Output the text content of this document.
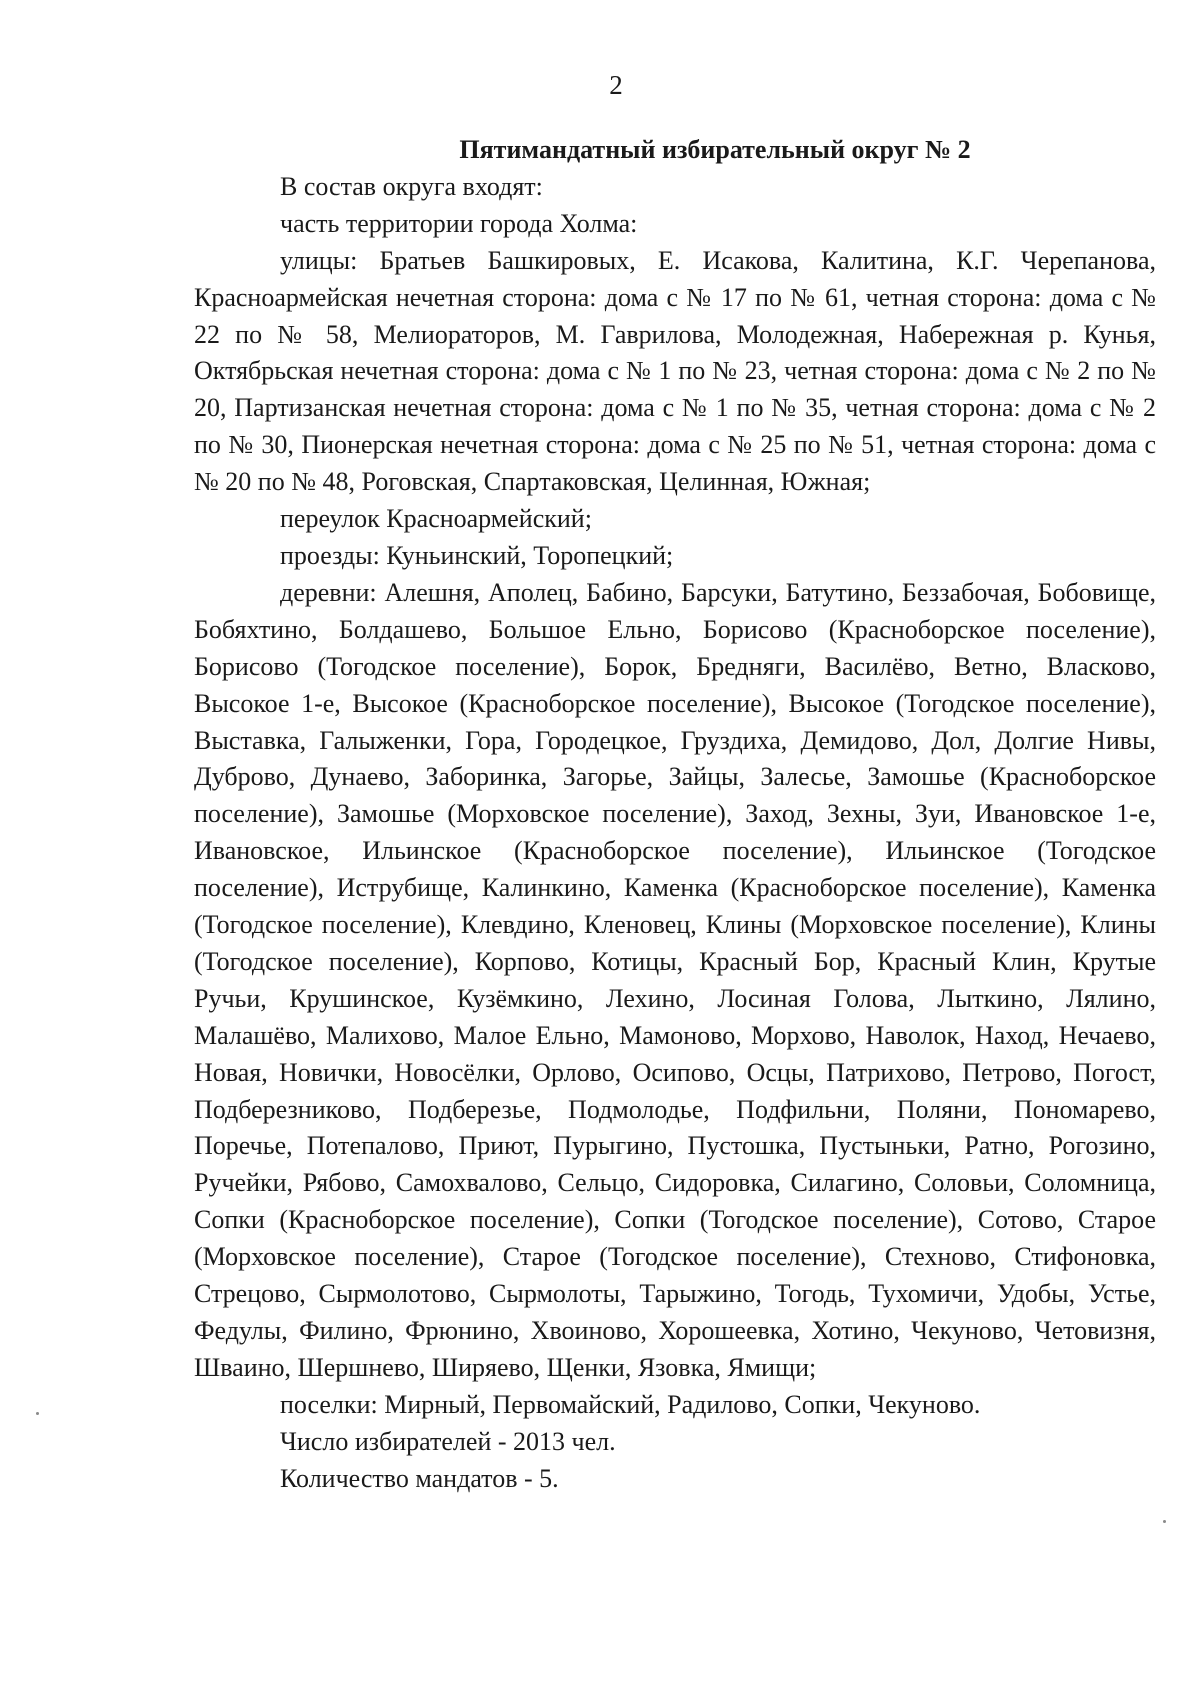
2

Пятимандатный избирательный округ № 2

В состав округа входят:

часть территории города Холма:

улицы: Братьев Башкировых, Е. Исакова, Калитина, К.Г. Черепанова, Красноармейская нечетная сторона: дома с № 17 по № 61, четная сторона: дома с № 22 по № 58, Мелиораторов, М. Гаврилова, Молодежная, Набережная р. Кунья, Октябрьская нечетная сторона: дома с № 1 по № 23, четная сторона: дома с № 2 по № 20, Партизанская нечетная сторона: дома с № 1 по № 35, четная сторона: дома с № 2 по № 30, Пионерская нечетная сторона: дома с № 25 по № 51, четная сторона: дома с № 20 по № 48, Роговская, Спартаковская, Целинная, Южная;

переулок Красноармейский;

проезды: Куньинский, Торопецкий;

деревни: Алешня, Аполец, Бабино, Барсуки, Батутино, Беззабочая, Бобовище, Бобяхтино, Болдашево, Большое Ельно, Борисово (Красноборское поселение), Борисово (Тогодское поселение), Борок, Бредняги, Василёво, Ветно, Власково, Высокое 1-е, Высокое (Красноборское поселение), Высокое (Тогодское поселение), Выставка, Галыженки, Гора, Городецкое, Груздиха, Демидово, Дол, Долгие Нивы, Дуброво, Дунаево, Заборинка, Загорье, Зайцы, Залесье, Замошье (Красноборское поселение), Замошье (Морховское поселение), Заход, Зехны, Зуи, Ивановское 1-е, Ивановское, Ильинское (Красноборское поселение), Ильинское (Тогодское поселение), Иструбище, Калинкино, Каменка (Красноборское поселение), Каменка (Тогодское поселение), Клевдино, Кленовец, Клины (Морховское поселение), Клины (Тогодское поселение), Корпово, Котицы, Красный Бор, Красный Клин, Крутые Ручьи, Крушинское, Кузёмкино, Лехино, Лосиная Голова, Лыткино, Лялино, Малашёво, Малихово, Малое Ельно, Мамоново, Морхово, Наволок, Наход, Нечаево, Новая, Новички, Новосёлки, Орлово, Осипово, Осцы, Патрихово, Петрово, Погост, Подберезниково, Подберезье, Подмолодье, Подфильни, Поляни, Пономарево, Поречье, Потепалово, Приют, Пурыгино, Пустошка, Пустыньки, Ратно, Рогозино, Ручейки, Рябово, Самохвалово, Сельцо, Сидоровка, Силагино, Соловьи, Соломница, Сопки (Красноборское поселение), Сопки (Тогодское поселение), Сотово, Старое (Морховское поселение), Старое (Тогодское поселение), Стехново, Стифоновка, Стрецово, Сырмолотово, Сырмолоты, Тарыжино, Тогодь, Тухомичи, Удобы, Устье, Федулы, Филино, Фрюнино, Хвоиново, Хорошеевка, Хотино, Чекуново, Четовизня, Шваино, Шершнево, Ширяево, Щенки, Язовка, Ямищи;

поселки: Мирный, Первомайский, Радилово, Сопки, Чекуново.

Число избирателей - 2013 чел.

Количество мандатов - 5.
